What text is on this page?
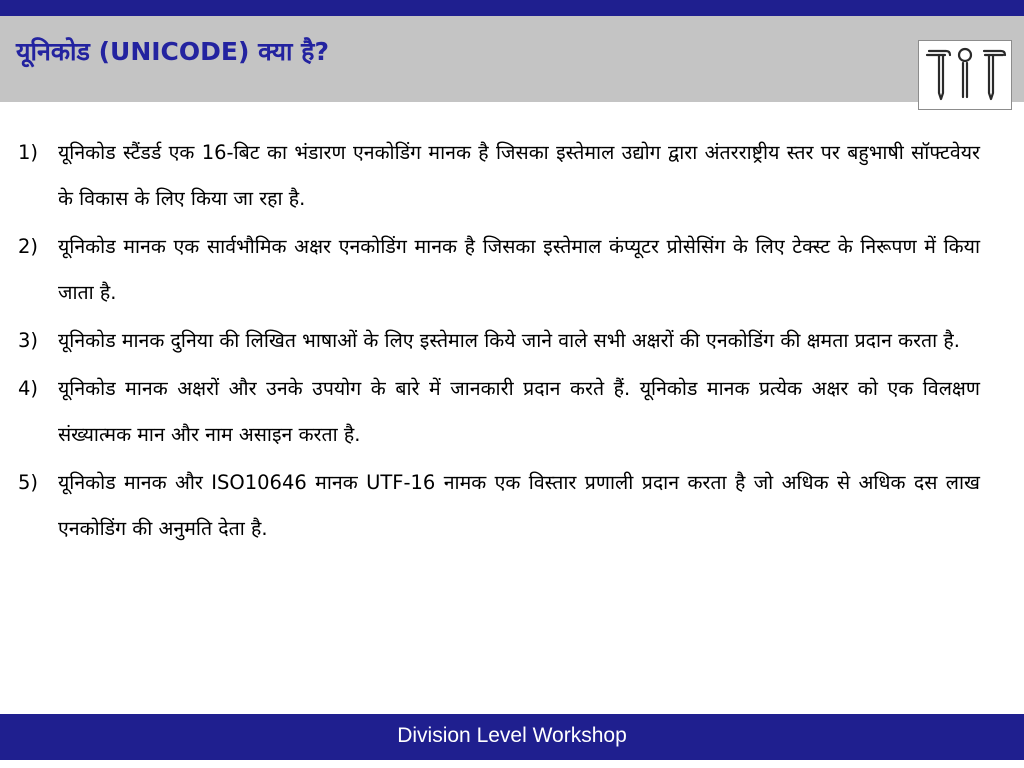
यूनिकोड (UNICODE) क्या है?
1)	यूनिकोड स्टैंडर्ड एक 16-बिट का भंडारण एनकोडिंग मानक है जिसका इस्तेमाल उद्योग द्वारा अंतरराष्ट्रीय स्तर पर बहुभाषी सॉफ्टवेयर के विकास के लिए किया जा रहा है.
2)	यूनिकोड मानक एक सार्वभौमिक अक्षर एनकोडिंग मानक है जिसका इस्तेमाल कंप्यूटर प्रोसेसिंग के लिए टेक्स्ट के निरूपण में किया जाता है.
3)	यूनिकोड मानक दुनिया की लिखित भाषाओं के लिए इस्तेमाल किये जाने वाले सभी अक्षरों की एनकोडिंग की क्षमता प्रदान करता है.
4)	यूनिकोड मानक अक्षरों और उनके उपयोग के बारे में जानकारी प्रदान करते हैं. यूनिकोड मानक प्रत्येक अक्षर को एक विलक्षण संख्यात्मक मान और नाम असाइन करता है.
5)	यूनिकोड मानक और ISO10646 मानक UTF-16 नामक एक विस्तार प्रणाली प्रदान करता है जो अधिक से अधिक दस लाख एनकोडिंग की अनुमति देता है.
Division Level Workshop
